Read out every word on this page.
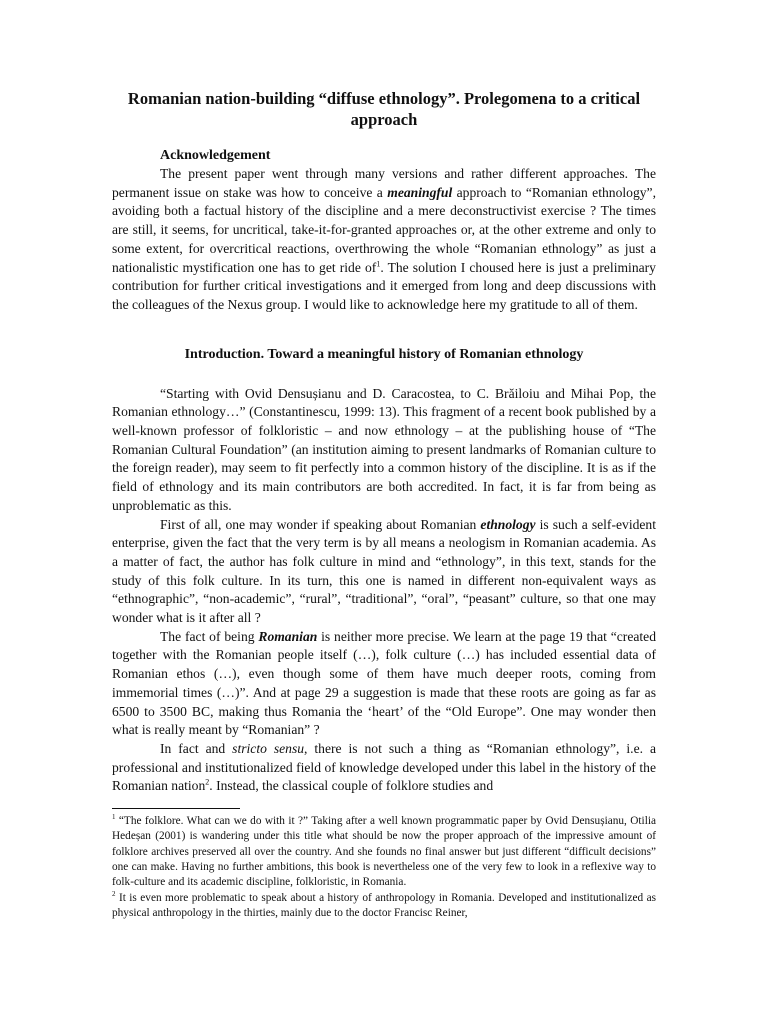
Romanian nation-building “diffuse ethnology”. Prolegomena to a critical approach
Acknowledgement

The present paper went through many versions and rather different approaches. The permanent issue on stake was how to conceive a meaningful approach to “Romanian ethnology”, avoiding both a factual history of the discipline and a mere deconstructivist exercise ? The times are still, it seems, for uncritical, take-it-for-granted approaches or, at the other extreme and only to some extent, for overcritical reactions, overthrowing the whole “Romanian ethnology” as just a nationalistic mystification one has to get ride $of^1$. The solution I choused here is just a preliminary contribution for further critical investigations and it emerged from long and deep discussions with the colleagues of the Nexus group. I would like to acknowledge here my gratitude to all of them.

Introduction. Toward a meaningful history of Romanian ethnology

“Starting with Ovid Densușianu and D. Caracostea, to C. Brăiloiu and Mihai Pop, the Romanian ethnology…” (Constantinescu, 1999: 13). This fragment of a recent book published by a well-known professor of folkloristic – and now ethnology – at the publishing house of “The Romanian Cultural Foundation” (an institution aiming to present landmarks of Romanian culture to the foreign reader), may seem to fit perfectly into a common history of the discipline. It is as if the field of ethnology and its main contributors are both accredited. In fact, it is far from being as unproblematic as this.

First of all, one may wonder if speaking about Romanian ethnology is such a self-evident enterprise, given the fact that the very term is by all means a neologism in Romanian academia. As a matter of fact, the author has folk culture in mind and “ethnology”, in this text, stands for the study of this folk culture. In its turn, this one is named in different non-equivalent ways as “ethnographic”, “non-academic”, “rural”, “traditional”, “oral”, “peasant” culture, so that one may wonder what is it after all ?

The fact of being Romanian is neither more precise. We learn at the page 19 that “created together with the Romanian people itself (…), folk culture (…) has included essential data of Romanian ethos (…), even though some of them have much deeper roots, coming from immemorial times (…)”. And at page 29 a suggestion is made that these roots are going as far as 6500 to 3500 BC, making thus Romania the ‘heart’ of the “Old Europe”. One may wonder then what is really meant by “Romanian” ?

In fact and stricto sensu, there is not such a thing as “Romanian ethnology”, i.e. a professional and institutionalized field of knowledge developed under this label in the history of the Romanian nation$^2$. Instead, the classical couple of folklore studies and

$^1$ “The folklore. What can we do with it ?” Taking after a well known programmatic paper by Ovid Densușianu, Otilia Hedeșan (2001) is wandering under this title what should be now the proper approach of the impressive amount of folklore archives preserved all over the country. And she founds no final answer but just different “difficult decisions” one can make. Having no further ambitions, this book is nevertheless one of the very few to look in a reflexive way to folk-culture and its academic discipline, folkloristic, in Romania.

$^2$ It is even more problematic to speak about a history of anthropology in Romania. Developed and institutionalized as physical anthropology in the thirties, mainly due to the doctor Francisc Reiner,
